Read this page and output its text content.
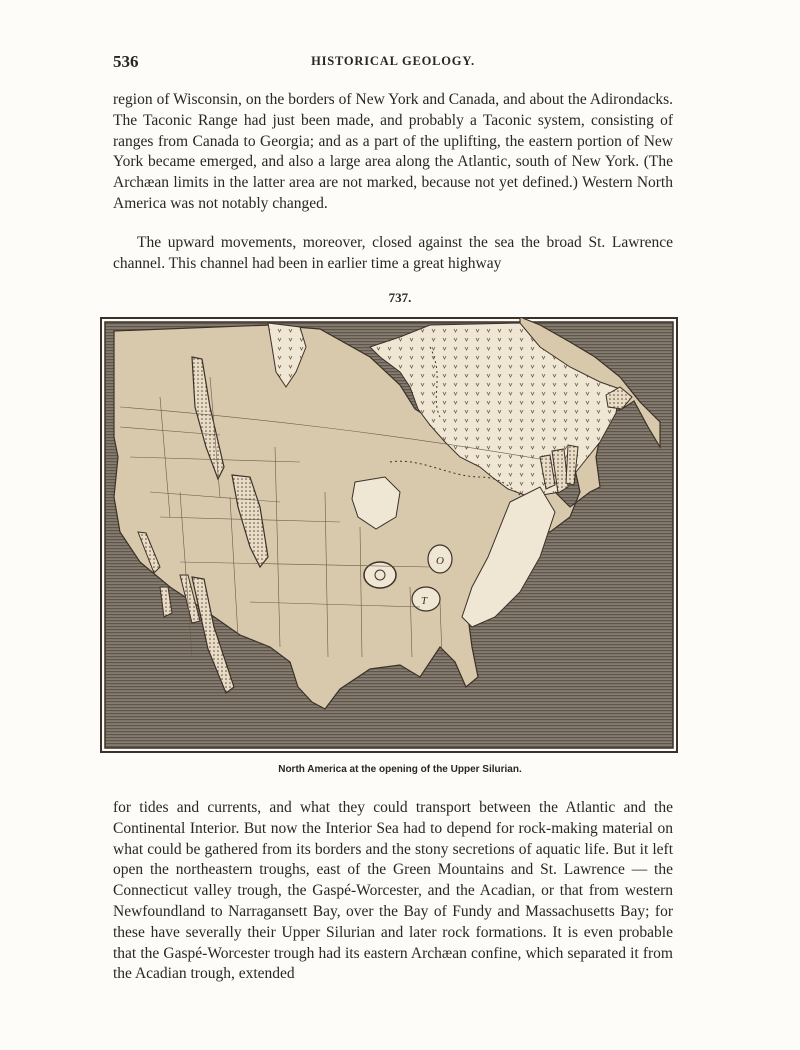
536	HISTORICAL GEOLOGY.

region of Wisconsin, on the borders of New York and Canada, and about the Adirondacks. The Taconic Range had just been made, and probably a Taconic system, consisting of ranges from Canada to Georgia; and as a part of the uplifting, the eastern portion of New York became emerged, and also a large area along the Atlantic, south of New York. (The Archæan limits in the latter area are not marked, because not yet defined.) Western North America was not notably changed.

The upward movements, moreover, closed against the sea the broad St. Lawrence channel. This channel had been in earlier time a great highway

737.
O
T
North America at the opening of the Upper Silurian.

for tides and currents, and what they could transport between the Atlantic and the Continental Interior. But now the Interior Sea had to depend for rock-making material on what could be gathered from its borders and the stony secretions of aquatic life. But it left open the northeastern troughs, east of the Green Mountains and St. Lawrence — the Connecticut valley trough, the Gaspé-Worcester, and the Acadian, or that from western Newfoundland to Narragansett Bay, over the Bay of Fundy and Massachusetts Bay; for these have severally their Upper Silurian and later rock formations. It is even probable that the Gaspé-Worcester trough had its eastern Archæan confine, which separated it from the Acadian trough, extended
